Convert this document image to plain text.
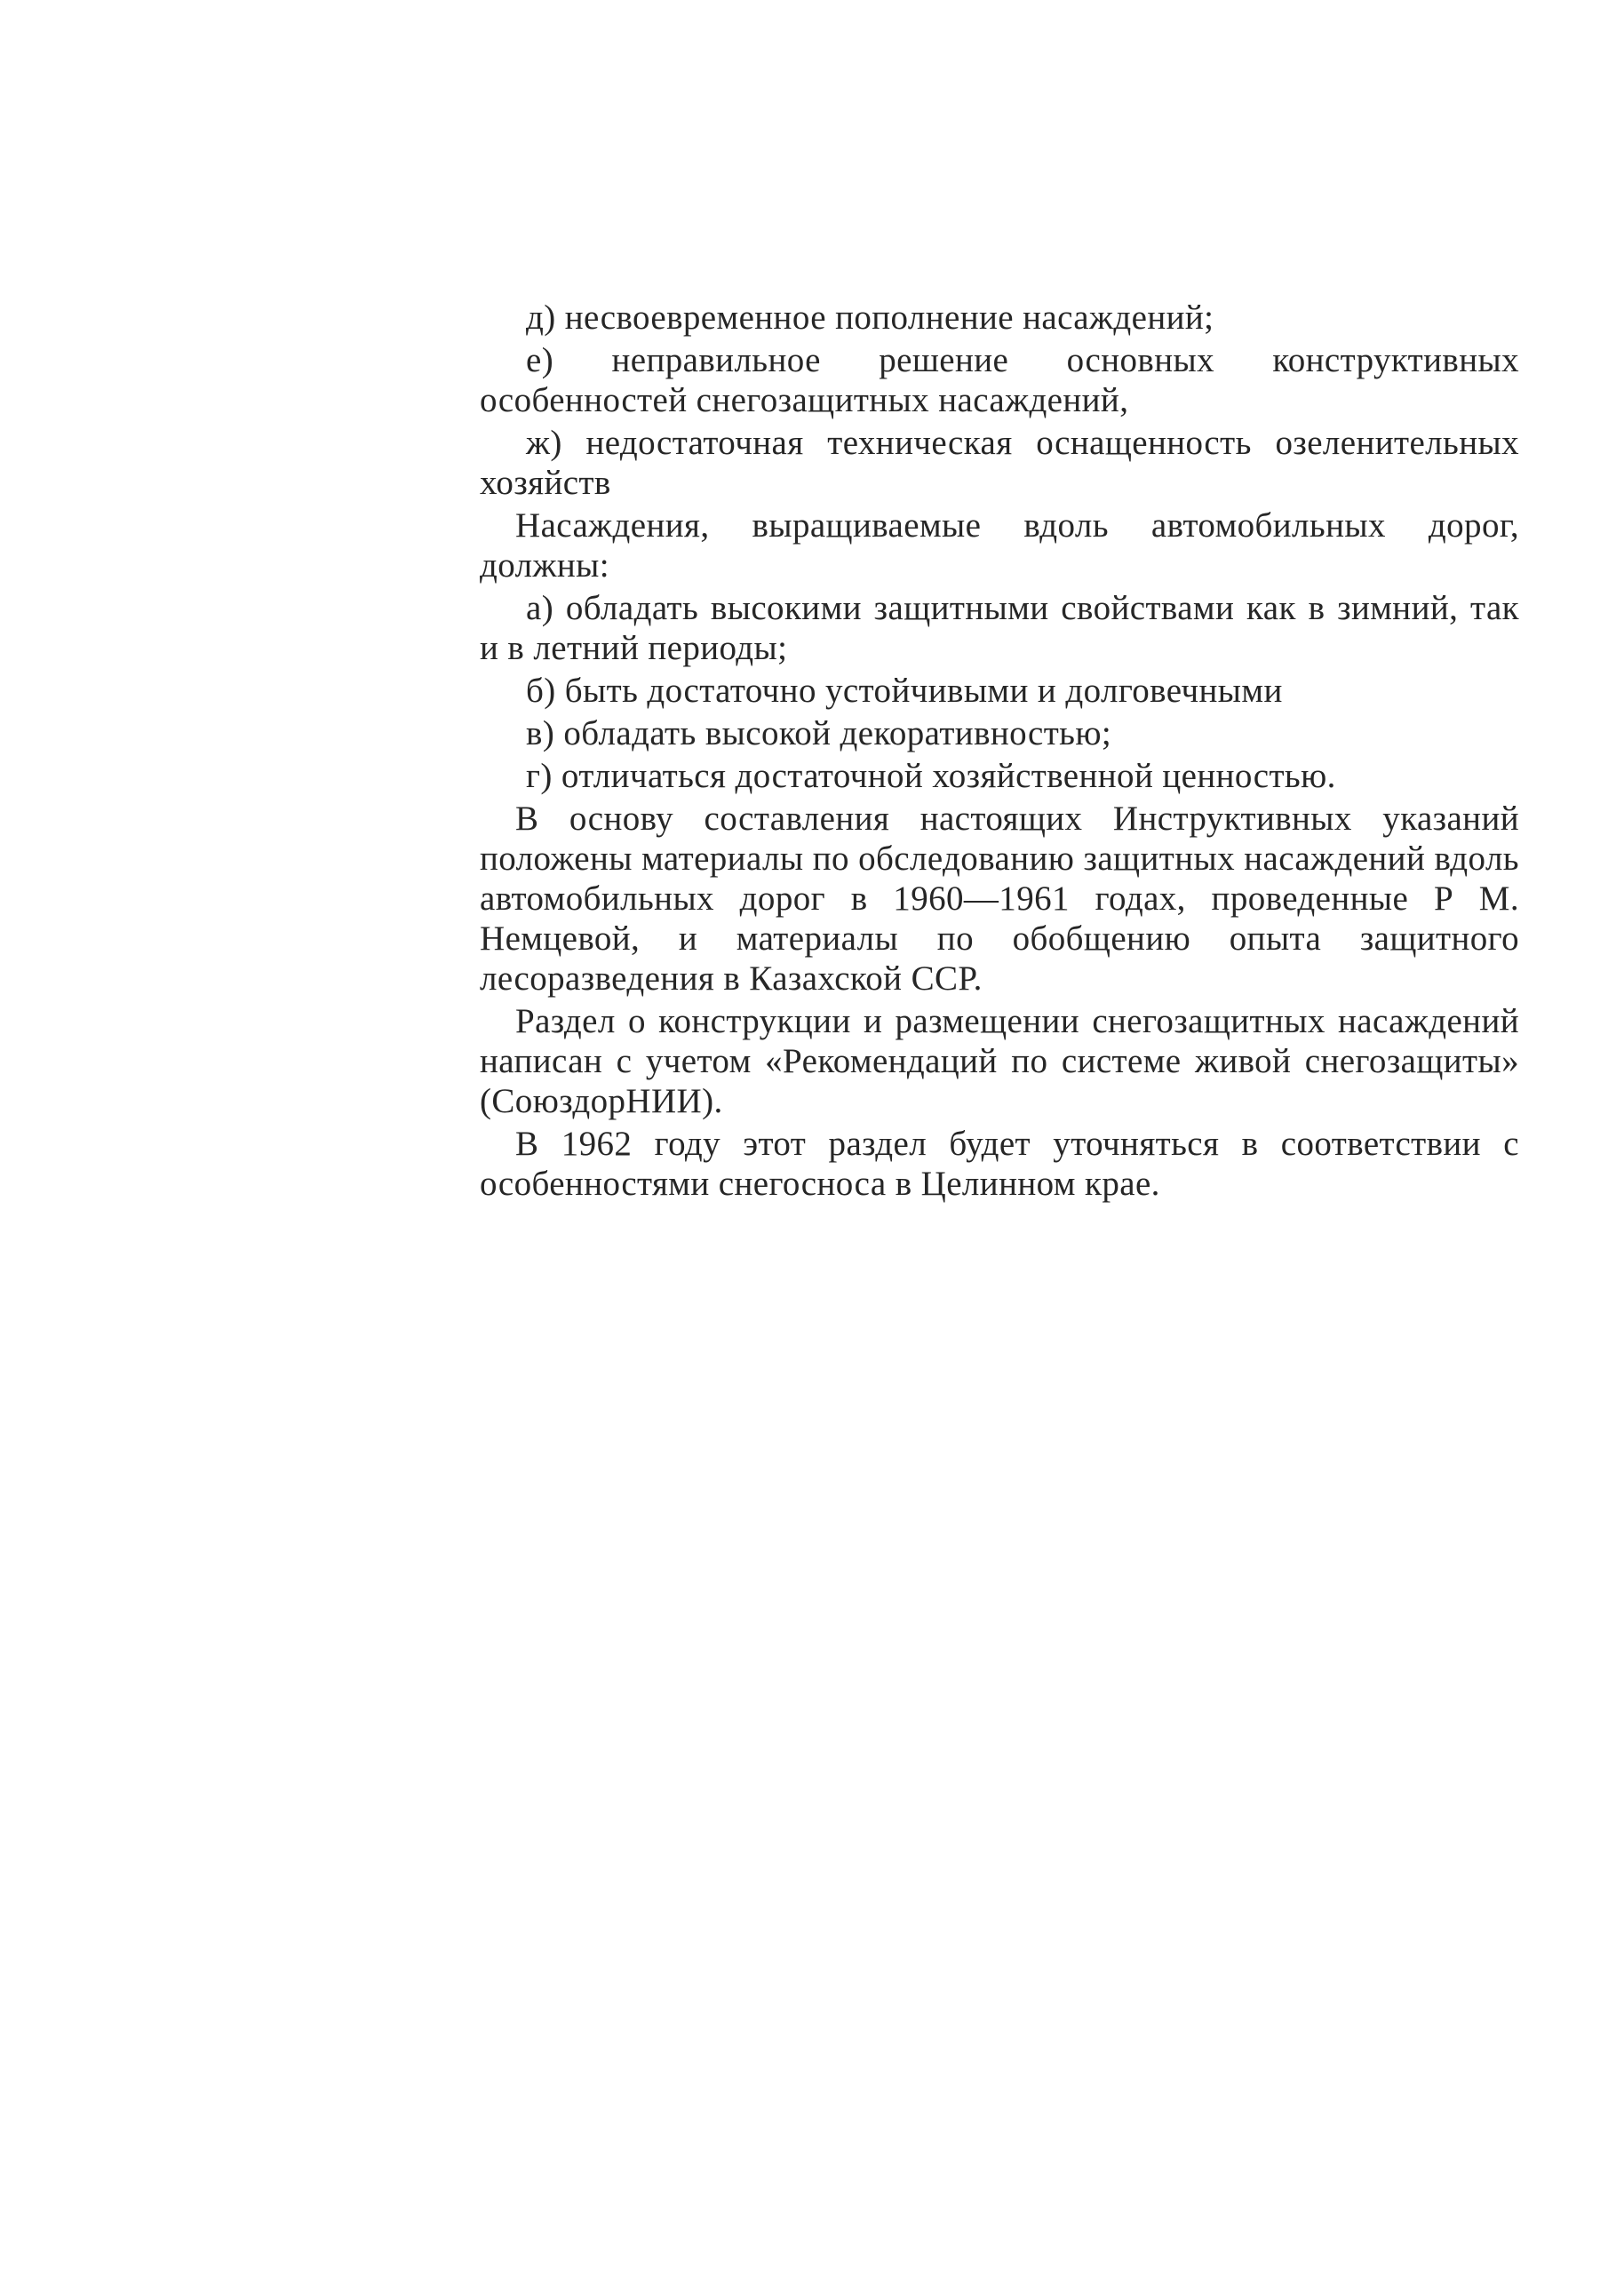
д) несвоевременное пополнение насаждений;

е) неправильное решение основных конструктивных особенностей снегозащитных насаждений,

ж) недостаточная техническая оснащенность озеленительных хозяйств

Насаждения, выращиваемые вдоль автомобильных дорог, должны:

а) обладать высокими защитными свойствами как в зимний, так и в летний периоды;

б) быть достаточно устойчивыми и долговечными

в) обладать высокой декоративностью;

г) отличаться достаточной хозяйственной ценностью.

В основу составления настоящих Инструктивных указаний положены материалы по обследованию защитных насаждений вдоль автомобильных дорог в 1960—1961 годах, проведенные Р М. Немцевой, и материалы по обобщению опыта защитного лесоразведения в Казахской ССР.

Раздел о конструкции и размещении снегозащитных насаждений написан с учетом «Рекомендаций по системе живой снегозащиты» (СоюздорНИИ).

В 1962 году этот раздел будет уточняться в соответствии с особенностями снегосноса в Целинном крае.
